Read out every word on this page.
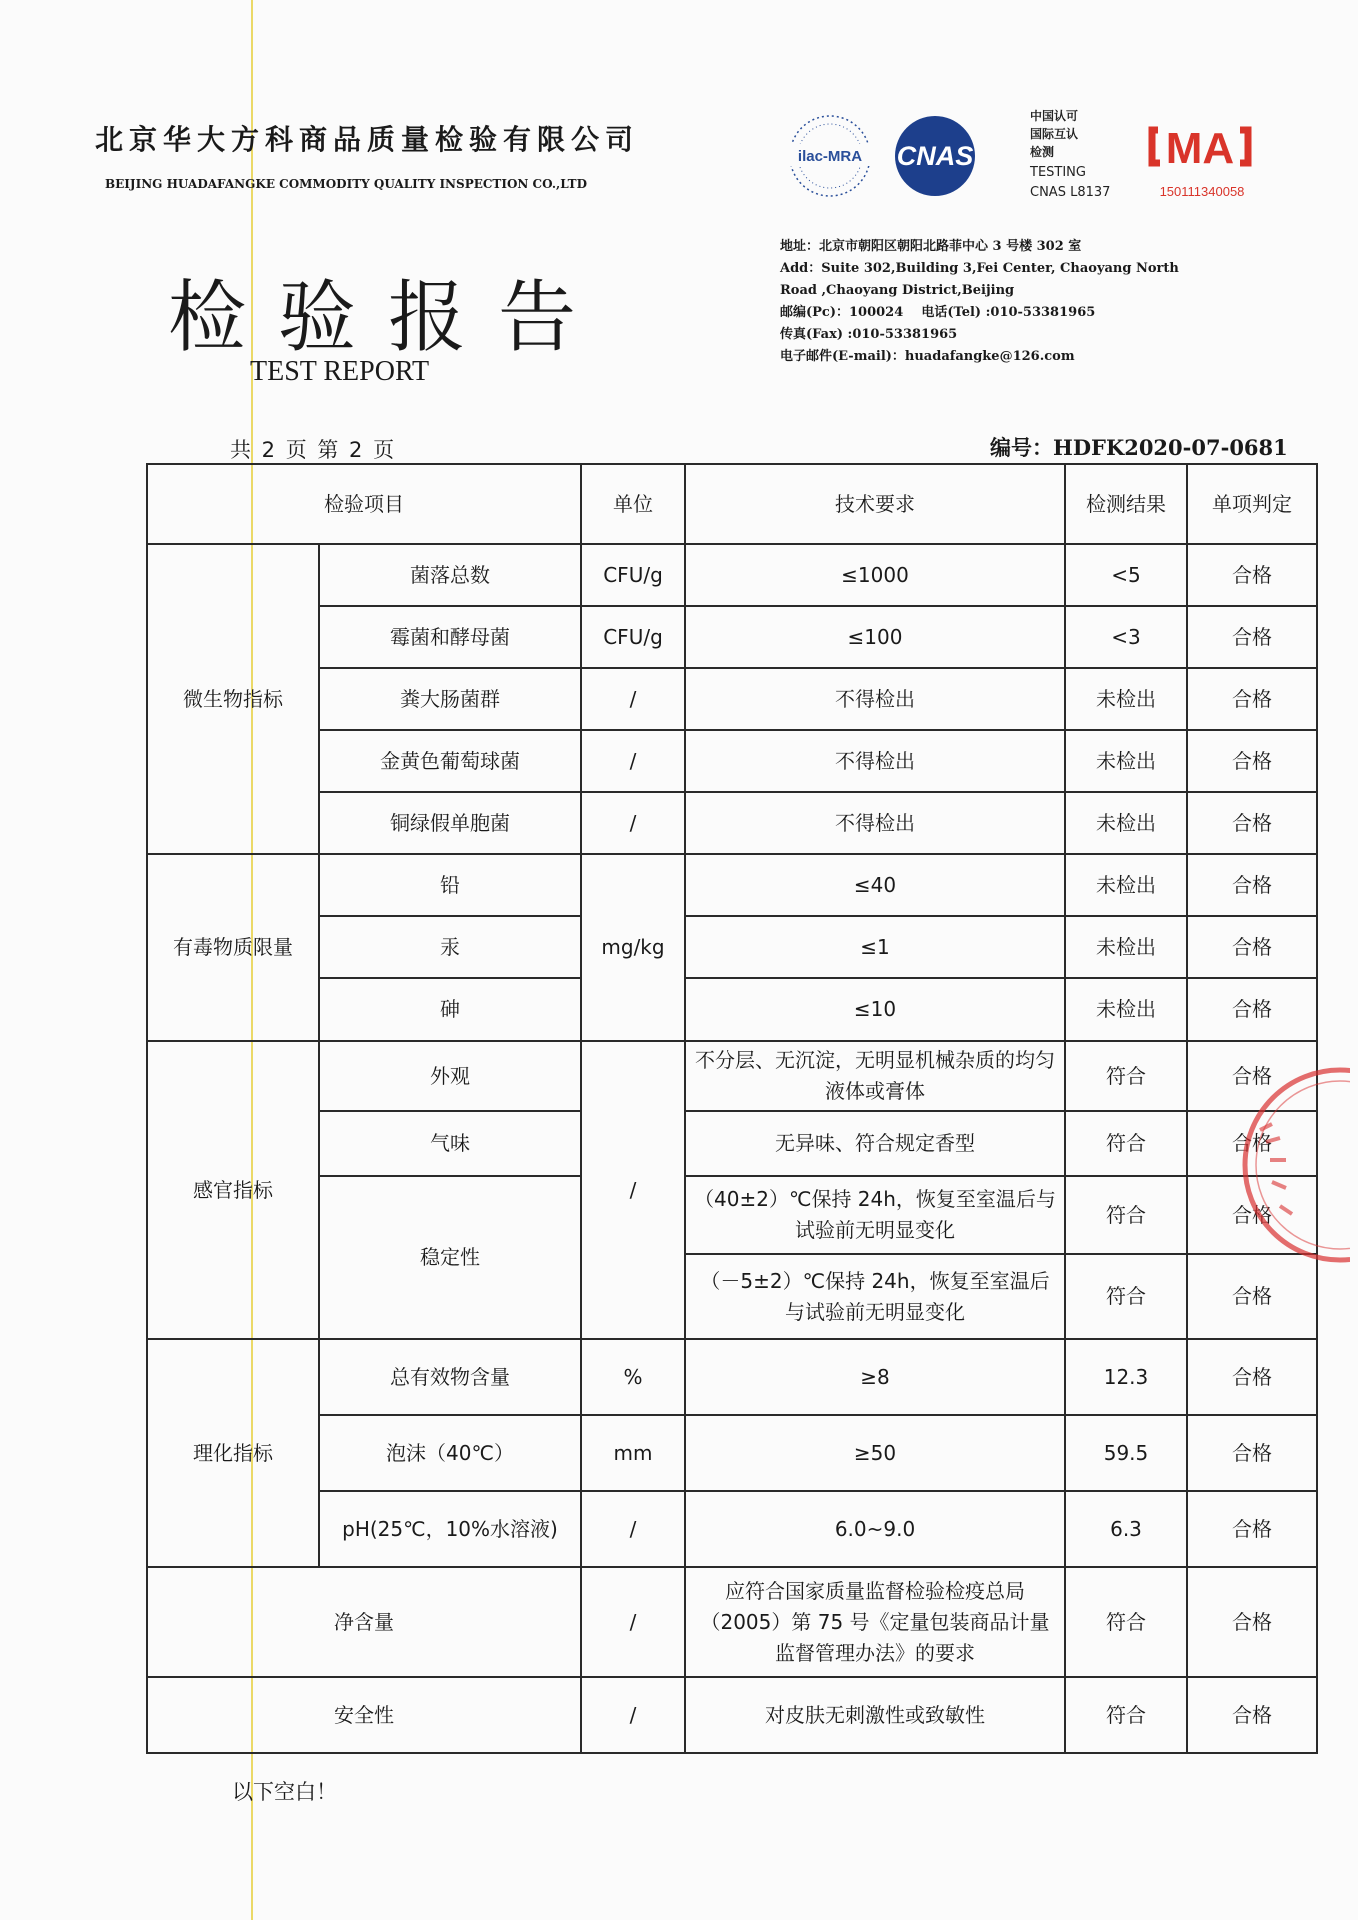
北京华大方科商品质量检验有限公司
BEIJING HUADAFANGKE COMMODITY QUALITY INSPECTION CO.,LTD
检验报告
TEST REPORT
ilac-MRA CNAS
中国认可
国际互认
检测
TESTING
CNAS L8137
MA
150111340058
地址：北京市朝阳区朝阳北路菲中心 3 号楼 302 室
Add：Suite 302,Building 3,Fei Center, Chaoyang North
Road ,Chaoyang District,Beijing
邮编(Pc)：100024 电话(Tel) :010-53381965
传真(Fax) :010-53381965
电子邮件(E-mail)：huadafangke@126.com
共 2 页 第 2 页	编号：HDFK2020-07-0681
检验项目		单位	技术要求	检测结果	单项判定
微生物指标	菌落总数	CFU/g	≤1000	<5	合格
	霉菌和酵母菌	CFU/g	≤100	<3	合格
	粪大肠菌群	/	不得检出	未检出	合格
	金黄色葡萄球菌	/	不得检出	未检出	合格
	铜绿假单胞菌	/	不得检出	未检出	合格
有毒物质限量	铅	mg/kg	≤40	未检出	合格
	汞		≤1	未检出	合格
	砷		≤10	未检出	合格
感官指标	外观	/	不分层、无沉淀，无明显机械杂质的均匀液体或膏体	符合	合格
	气味		无异味、符合规定香型	符合	合格
	稳定性		（40±2）℃保持 24h，恢复至室温后与试验前无明显变化	符合	合格
			（－5±2）℃保持 24h，恢复至室温后与试验前无明显变化	符合	合格
理化指标	总有效物含量	%	≥8	12.3	合格
	泡沫（40℃）	mm	≥50	59.5	合格
	pH(25℃，10%水溶液)	/	6.0~9.0	6.3	合格
净含量		/	应符合国家质量监督检验检疫总局（2005）第 75 号《定量包装商品计量监督管理办法》的要求	符合	合格
安全性		/	对皮肤无刺激性或致敏性	符合	合格
以下空白！
